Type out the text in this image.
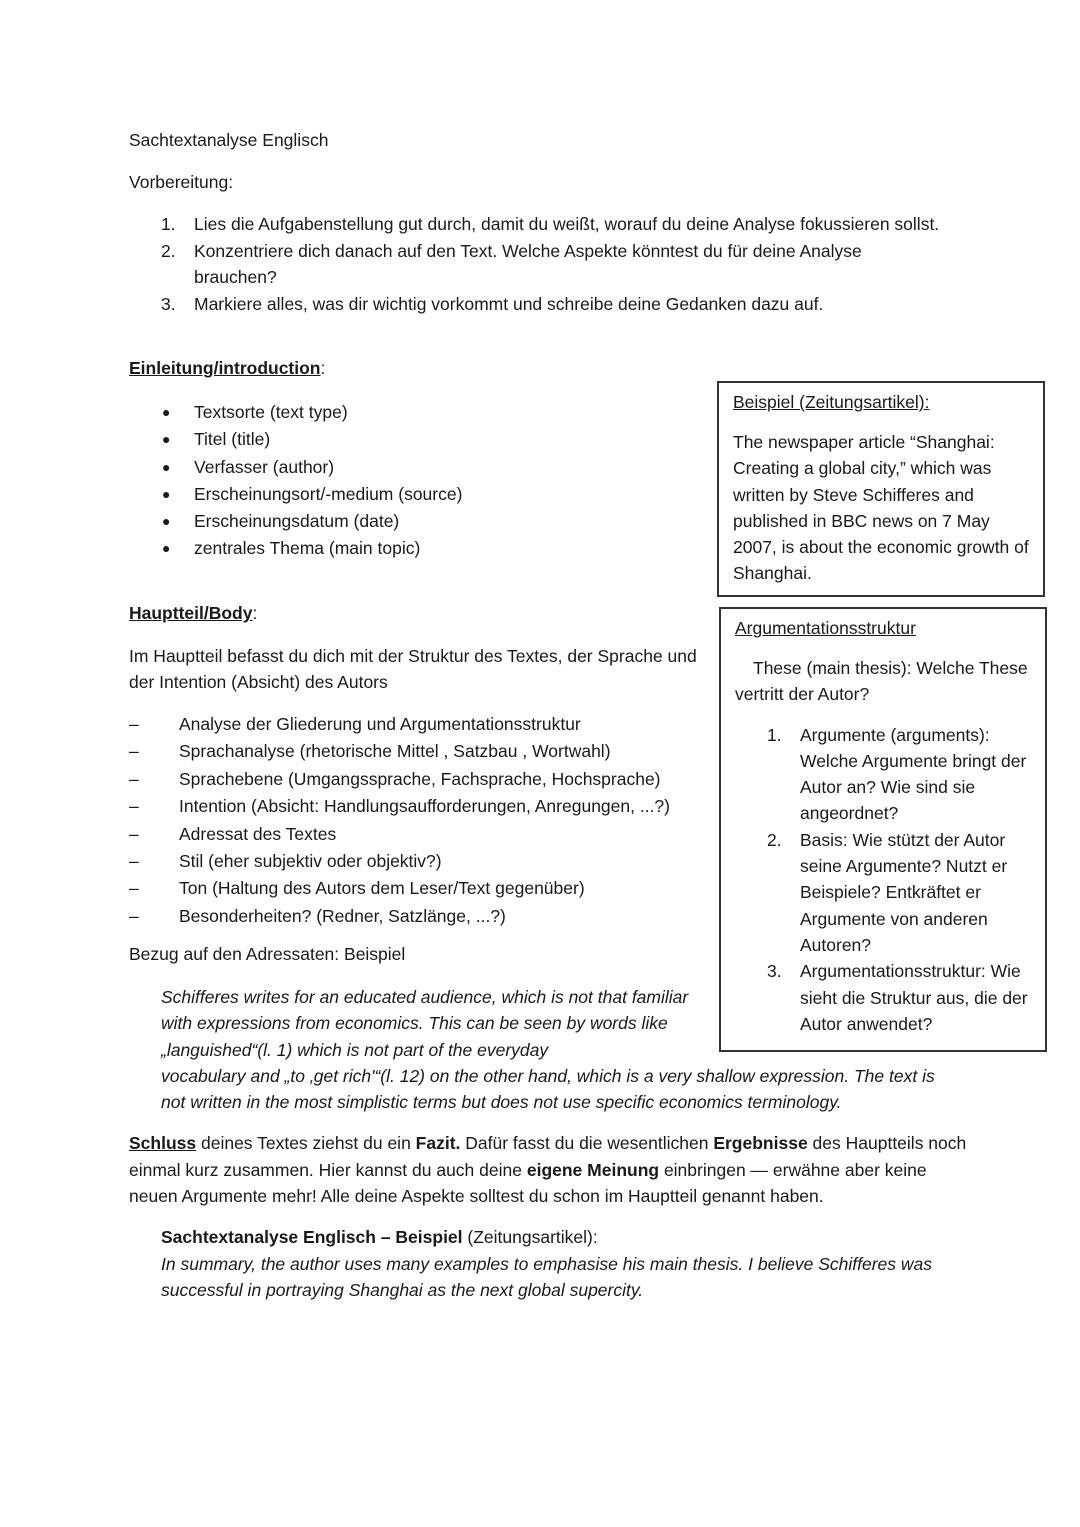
Sachtextanalyse Englisch

Vorbereitung:

1.	Lies die Aufgabenstellung gut durch, damit du weißt, worauf du deine Analyse fokussieren sollst.
2.	Konzentriere dich danach auf den Text. Welche Aspekte könntest du für deine Analyse brauchen?
3.	Markiere alles, was dir wichtig vorkommt und schreibe deine Gedanken dazu auf.

Einleitung/introduction:

●	Textsorte (text type)
●	Titel (title)
●	Verfasser (author)
●	Erscheinungsort/-medium (source)
●	Erscheinungsdatum (date)
●	zentrales Thema (main topic)
Beispiel (Zeitungsartikel):
The newspaper article “Shanghai: Creating a global city,” which was written by Steve Schifferes and published in BBC news on 7 May 2007, is about the economic growth of Shanghai.

Hauptteil/Body:

Im Hauptteil befasst du dich mit der Struktur des Textes, der Sprache und der Intention (Absicht) des Autors

–	Analyse der Gliederung und Argumentationsstruktur
–	Sprachanalyse (rhetorische Mittel , Satzbau , Wortwahl)
–	Sprachebene (Umgangssprache, Fachsprache, Hochsprache)
–	Intention (Absicht: Handlungsaufforderungen, Anregungen, ...?)
–	Adressat des Textes
–	Stil (eher subjektiv oder objektiv?)
–	Ton (Haltung des Autors dem Leser/Text gegenüber)
–	Besonderheiten? (Redner, Satzlänge, ...?)
Argumentationsstruktur
These (main thesis): Welche These vertritt der Autor?
1.	Argumente (arguments): Welche Argumente bringt der Autor an? Wie sind sie angeordnet?
2.	Basis: Wie stützt der Autor seine Argumente? Nutzt er Beispiele? Entkräftet er Argumente von anderen Autoren?
3.	Argumentationsstruktur: Wie sieht die Struktur aus, die der Autor anwendet?

Bezug auf den Adressaten: Beispiel

Schifferes writes for an educated audience, which is not that familiar with expressions from economics. This can be seen by words like „languished“(l. 1) which is not part of the everyday
vocabulary and „to ‚get rich'“(l. 12) on the other hand, which is a very shallow expression. The text is not written in the most simplistic terms but does not use specific economics terminology.

Schluss deines Textes ziehst du ein Fazit. Dafür fasst du die wesentlichen Ergebnisse des Hauptteils noch einmal kurz zusammen. Hier kannst du auch deine eigene Meinung einbringen — erwähne aber keine neuen Argumente mehr! Alle deine Aspekte solltest du schon im Hauptteil genannt haben.

Sachtextanalyse Englisch – Beispiel (Zeitungsartikel):
In summary, the author uses many examples to emphasise his main thesis. I believe Schifferes was successful in portraying Shanghai as the next global supercity.
